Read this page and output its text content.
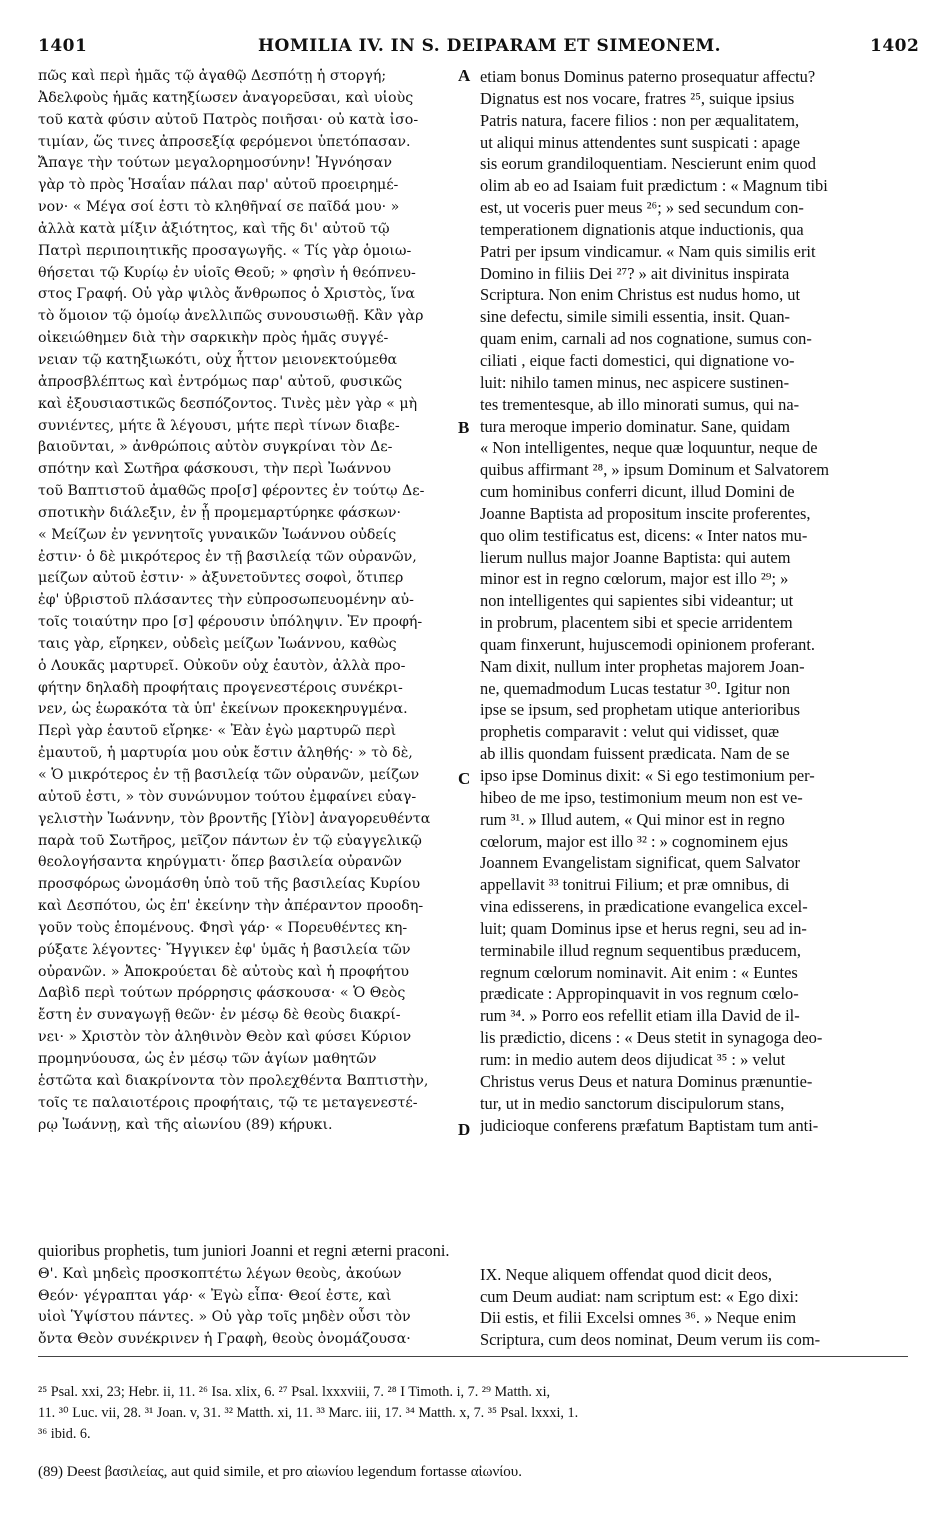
1401	HOMILIA IV. IN S. DEIPARAM ET SIMEONEM.	1402
πῶς καὶ περὶ ἡμᾶς τῷ ἀγαθῷ Δεσπότῃ ἡ στοργή;
Ἀδελφοὺς ἡμᾶς κατηξίωσεν ἀναγορεῦσαι, καὶ υἱοὺς
τοῦ κατὰ φύσιν αὐτοῦ Πατρὸς ποιῆσαι· οὐ κατὰ ἰσο-
τιμίαν, ὥς τινες ἀπροσεξίᾳ φερόμενοι ὑπετόπασαν.
Ἄπαγε τὴν τούτων μεγαλορημοσύνην! Ἠγνόησαν
γὰρ τὸ πρὸς Ἡσαΐαν πάλαι παρ' αὐτοῦ προειρημέ-
νον· « Μέγα σοί ἐστι τὸ κληθῆναί σε παῖδά μου· »
ἀλλὰ κατὰ μίξιν ἀξιότητος, καὶ τῆς δι' αὐτοῦ τῷ
Πατρὶ περιποιητικῆς προσαγωγῆς. « Τίς γὰρ ὁμοιω-
θήσεται τῷ Κυρίῳ ἐν υἱοῖς Θεοῦ; » φησὶν ἡ θεόπνευ-
στος Γραφή. Οὐ γὰρ ψιλὸς ἄνθρωπος ὁ Χριστὸς, ἵνα
τὸ ὅμοιον τῷ ὁμοίῳ ἀνελλιπῶς συνουσιωθῇ. Κἂν γὰρ
οἰκειώθημεν διὰ τὴν σαρκικὴν πρὸς ἡμᾶς συγγέ-
νειαν τῷ κατηξιωκότι, οὐχ ἧττον μειονεκτούμεθα
ἀπροσβλέπτως καὶ ἐντρόμως παρ' αὐτοῦ, φυσικῶς
καὶ ἐξουσιαστικῶς δεσπόζοντος. Τινὲς μὲν γὰρ « μὴ
συνιέντες, μήτε ἃ λέγουσι, μήτε περὶ τίνων διαβε-
βαιοῦνται, » ἀνθρώποις αὐτὸν συγκρίναι τὸν Δε-
σπότην καὶ Σωτῆρα φάσκουσι, τὴν περὶ Ἰωάννου
τοῦ Βαπτιστοῦ ἀμαθῶς προ[σ] φέροντες ἐν τούτῳ Δε-
σποτικὴν διάλεξιν, ἐν ᾗ προμεμαρτύρηκε φάσκων·
« Μείζων ἐν γεννητοῖς γυναικῶν Ἰωάννου οὐδείς
ἐστιν· ὁ δὲ μικρότερος ἐν τῇ βασιλείᾳ τῶν οὐρανῶν,
μείζων αὐτοῦ ἐστιν· » ἀξυνετοῦντες σοφοὶ, ὅτιπερ
ἐφ' ὑβριστοῦ πλάσαντες τὴν εὐπροσωπευομένην αὐ-
τοῖς τοιαύτην προ [σ] φέρουσιν ὑπόληψιν. Ἐν προφή-
ταις γὰρ, εἴρηκεν, οὐδεὶς μείζων Ἰωάννου, καθὼς
ὁ Λουκᾶς μαρτυρεῖ. Οὐκοῦν οὐχ ἑαυτὸν, ἀλλὰ προ-
φήτην δηλαδὴ προφήταις προγενεστέροις συνέκρι-
νεν, ὡς ἑωρακότα τὰ ὑπ' ἐκείνων προκεκηρυγμένα.
Περὶ γὰρ ἑαυτοῦ εἴρηκε· « Ἐὰν ἐγὼ μαρτυρῶ περὶ
ἐμαυτοῦ, ἡ μαρτυρία μου οὐκ ἔστιν ἀληθής· » τὸ δὲ,
« Ὁ μικρότερος ἐν τῇ βασιλείᾳ τῶν οὐρανῶν, μείζων
αὐτοῦ ἐστι, » τὸν συνώνυμον τούτου ἐμφαίνει εὐαγ-
γελιστὴν Ἰωάννην, τὸν βροντῆς [Υἱὸν] ἀναγορευθέντα
παρὰ τοῦ Σωτῆρος, μεῖζον πάντων ἐν τῷ εὐαγγελικῷ
θεολογήσαντα κηρύγματι· ὅπερ βασιλεία οὐρανῶν
προσφόρως ὠνομάσθη ὑπὸ τοῦ τῆς βασιλείας Κυρίου
καὶ Δεσπότου, ὡς ἐπ' ἐκείνην τὴν ἀπέραντον προοδη-
γοῦν τοὺς ἑπομένους. Φησὶ γάρ· « Πορευθέντες κη-
ρύξατε λέγοντες· Ἤγγικεν ἐφ' ὑμᾶς ἡ βασιλεία τῶν
οὐρανῶν. » Ἀποκρούεται δὲ αὐτοὺς καὶ ἡ προφήτου
Δαβὶδ περὶ τούτων πρόρρησις φάσκουσα· « Ὁ Θεὸς
ἔστη ἐν συναγωγῇ θεῶν· ἐν μέσῳ δὲ θεοὺς διακρί-
νει· » Χριστὸν τὸν ἀληθινὸν Θεὸν καὶ φύσει Κύριον
προμηνύουσα, ὡς ἐν μέσῳ τῶν ἁγίων μαθητῶν
ἑστῶτα καὶ διακρίνοντα τὸν προλεχθέντα Βαπτιστὴν,
τοῖς τε παλαιοτέροις προφήταις, τῷ τε μεταγενεστέ-
ρῳ Ἰωάννῃ, καὶ τῆς αἰωνίου (89) κήρυκι.
etiam bonus Dominus paterno prosequatur affectu?
Dignatus est nos vocare, fratres ²⁵, suique ipsius
Patris natura, facere filios : non per æqualitatem,
ut aliqui minus attendentes sunt suspicati : apage
sis eorum grandiloquentiam. Nescierunt enim quod
olim ab eo ad Isaiam fuit prædictum : « Magnum tibi
est, ut voceris puer meus ²⁶; » sed secundum con-
temperationem dignationis atque inductionis, qua
Patri per ipsum vindicamur. « Nam quis similis erit
Domino in filiis Dei ²⁷? » ait divinitus inspirata
Scriptura. Non enim Christus est nudus homo, ut
sine defectu, simile simili essentia, insit. Quan-
quam enim, carnali ad nos cognatione, sumus con-
ciliati , eique facti domestici, qui dignatione vo-
luit: nihilo tamen minus, nec aspicere sustinen-
tes trementesque, ab illo minorati sumus, qui na-
tura meroque imperio dominatur. Sane, quidam
« Non intelligentes, neque quæ loquuntur, neque de
quibus affirmant ²⁸, » ipsum Dominum et Salvatorem
cum hominibus conferri dicunt, illud Domini de
Joanne Baptista ad propositum inscite proferentes,
quo olim testificatus est, dicens: « Inter natos mu-
lierum nullus major Joanne Baptista: qui autem
minor est in regno cœlorum, major est illo ²⁹; »
non intelligentes qui sapientes sibi videantur; ut
in probrum, placentem sibi et specie arridentem
quam finxerunt, hujuscemodi opinionem proferant.
Nam dixit, nullum inter prophetas majorem Joan-
ne, quemadmodum Lucas testatur ³⁰. Igitur non
ipse se ipsum, sed prophetam utique anterioribus
prophetis comparavit : velut qui vidisset, quæ
ab illis quondam fuissent prædicata. Nam de se
ipso ipse Dominus dixit: « Si ego testimonium per-
hibeo de me ipso, testimonium meum non est ve-
rum ³¹. » Illud autem, « Qui minor est in regno
cœlorum, major est illo ³² : » cognominem ejus
Joannem Evangelistam significat, quem Salvator
appellavit ³³ tonitrui Filium; et præ omnibus, di
vina edisserens, in prædicatione evangelica excel-
luit; quam Dominus ipse et herus regni, seu ad in-
terminabile illud regnum sequentibus præducem,
regnum cœlorum nominavit. Ait enim : « Euntes
prædicate : Appropinquavit in vos regnum cœlo-
rum ³⁴. » Porro eos refellit etiam illa David de il-
lis prædictio, dicens : « Deus stetit in synagoga deo-
rum: in medio autem deos dijudicat ³⁵ : » velut
Christus verus Deus et natura Dominus prænuntie-
tur, ut in medio sanctorum discipulorum stans,
judicioque conferens præfatum Baptistam tum anti-
A
B
C
D
quioribus prophetis, tum juniori Joanni et regni æterni praconi.
Θ'. Καὶ μηδεὶς προσκοπτέτω λέγων θεοὺς, ἀκούων
Θεόν· γέγραπται γάρ· « Ἐγὼ εἶπα· Θεοί ἐστε, καὶ
υἱοὶ Ὑψίστου πάντες. » Οὐ γὰρ τοῖς μηδὲν οὖσι τὸν
ὄντα Θεὸν συνέκρινεν ἡ Γραφὴ, θεοὺς ὀνομάζουσα·
IX. Neque aliquem offendat quod dicit deos,
cum Deum audiat: nam scriptum est: « Ego dixi:
Dii estis, et filii Excelsi omnes ³⁶. » Neque enim
Scriptura, cum deos nominat, Deum verum iis com-
²⁵ Psal. xxi, 23; Hebr. ii, 11. ²⁶ Isa. xlix, 6. ²⁷ Psal. lxxxviii, 7. ²⁸ I Timoth. i, 7. ²⁹ Matth. xi,
11. ³⁰ Luc. vii, 28. ³¹ Joan. v, 31. ³² Matth. xi, 11. ³³ Marc. iii, 17. ³⁴ Matth. x, 7. ³⁵ Psal. lxxxi, 1.
³⁶ ibid. 6.
(89) Deest βασιλείας, aut quid simile, et pro αἰωνίου legendum fortasse αἰωνίου.
